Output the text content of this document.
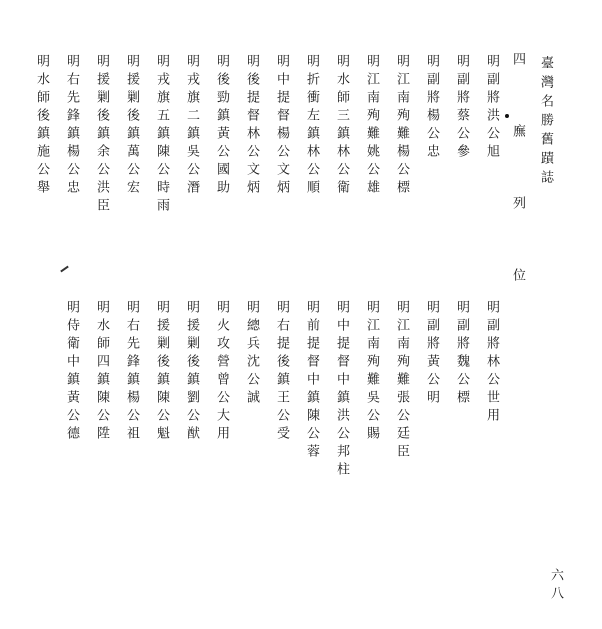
臺灣名勝舊蹟誌
四 廡 列 位
明副將洪公旭
明副將蔡公參
明副將楊公忠
明江南殉難楊公標
明江南殉難姚公雄
明水師三鎮林公衛
明折衝左鎮林公順
明中提督楊公文炳
明後提督林公文炳
明後勁鎮黃公國助
明戎旗二鎮吳公潛
明戎旗五鎮陳公時雨
明援剿後鎮萬公宏
明援剿後鎮余公洪臣
明右先鋒鎮楊公忠
明水師後鎮施公舉
明副將林公世用
明副將魏公標
明副將黃公明
明江南殉難張公廷臣
明江南殉難吳公賜
明中提督中鎮洪公邦柱
明前提督中鎮陳公蓉
明右提後鎮王公受
明總兵沈公誠
明火攻營曾公大用
明援剿後鎮劉公猷
明援剿後鎮陳公魁
明右先鋒鎮楊公祖
明水師四鎮陳公陞
明侍衛中鎮黃公德
六八
